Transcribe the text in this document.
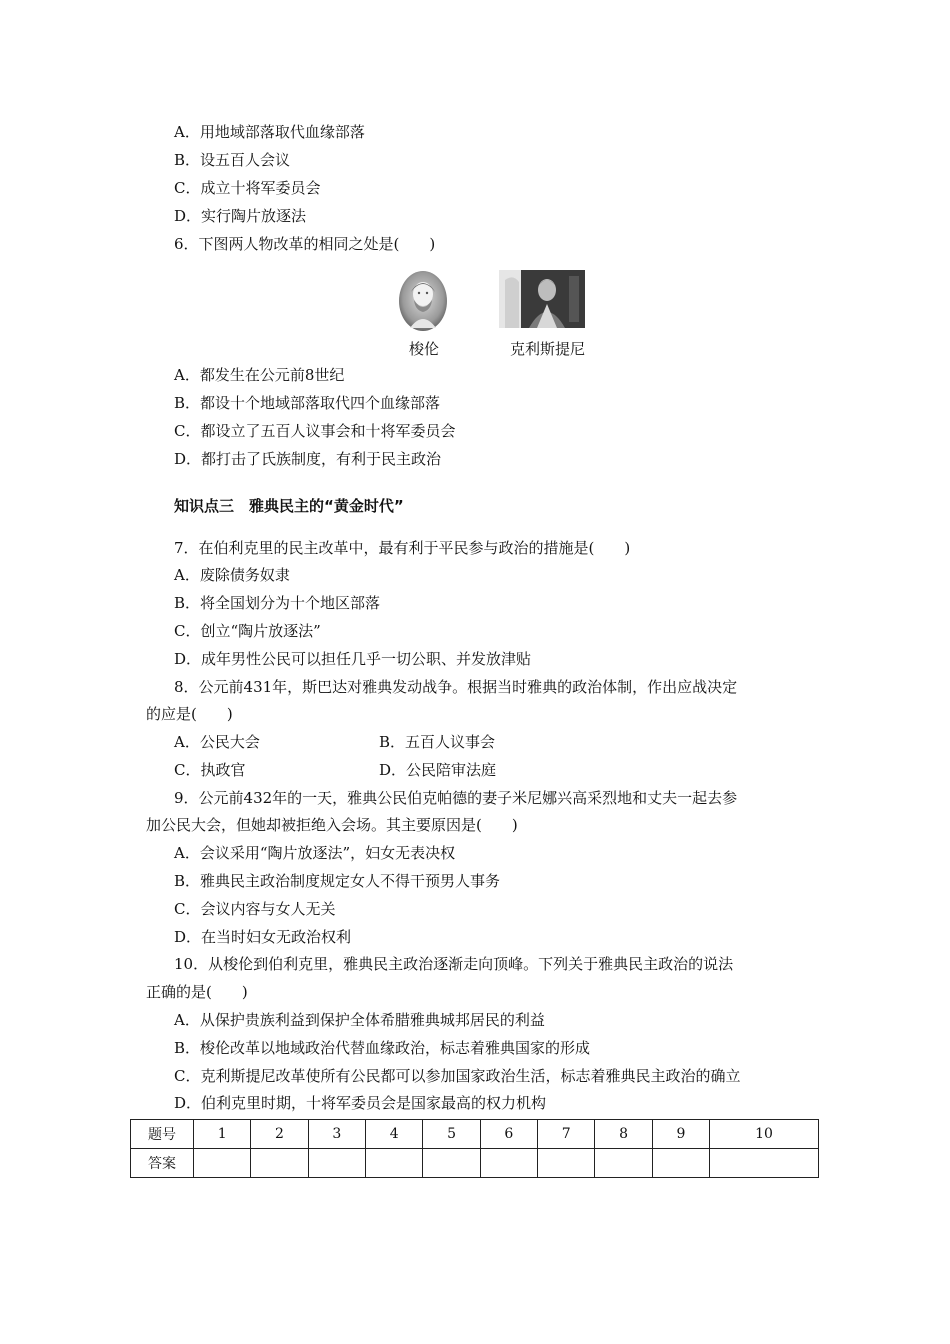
A．用地域部落取代血缘部落
B．设五百人会议
C．成立十将军委员会
D．实行陶片放逐法
6．下图两人物改革的相同之处是(　　)
梭伦	克利斯提尼
A．都发生在公元前8世纪
B．都设十个地域部落取代四个血缘部落
C．都设立了五百人议事会和十将军委员会
D．都打击了氏族制度，有利于民主政治
知识点三　雅典民主的“黄金时代”
7．在伯利克里的民主改革中，最有利于平民参与政治的措施是(　　)
A．废除债务奴隶
B．将全国划分为十个地区部落
C．创立“陶片放逐法”
D．成年男性公民可以担任几乎一切公职、并发放津贴
8．公元前431年，斯巴达对雅典发动战争。根据当时雅典的政治体制，作出应战决定
的应是(　　)
A．公民大会	B．五百人议事会
C．执政官	D．公民陪审法庭
9．公元前432年的一天，雅典公民伯克帕德的妻子米尼娜兴高采烈地和丈夫一起去参
加公民大会，但她却被拒绝入会场。其主要原因是(　　)
A．会议采用“陶片放逐法”，妇女无表决权
B．雅典民主政治制度规定女人不得干预男人事务
C．会议内容与女人无关
D．在当时妇女无政治权利
10．从梭伦到伯利克里，雅典民主政治逐渐走向顶峰。下列关于雅典民主政治的说法
正确的是(　　)
A．从保护贵族利益到保护全体希腊雅典城邦居民的利益
B．梭伦改革以地域政治代替血缘政治，标志着雅典国家的形成
C．克利斯提尼改革使所有公民都可以参加国家政治生活，标志着雅典民主政治的确立
D．伯利克里时期，十将军委员会是国家最高的权力机构
题号	1	2	3	4	5	6	7	8	9	10
答案										
